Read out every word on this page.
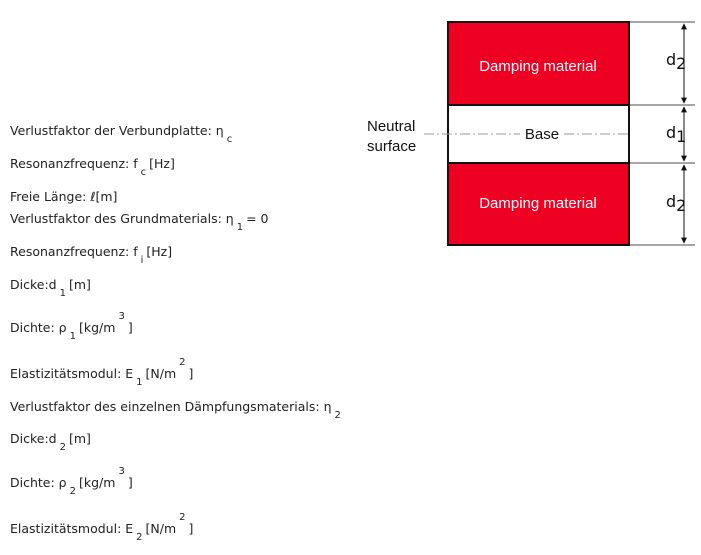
Verlustfaktor der Verbundplatte: $\eta_c$
Resonanzfrequenz: $f_c[Hz]$
Freie Länge: ℓ[m]
Verlustfaktor des Grundmaterials: $\eta_1= 0$
Resonanzfrequenz: $f_i[Hz]$
$Dicke:d_1[m]$
Dichte: $\rho_1[kg/m^3]$
Elastizitätsmodul: $E_1[N/m^2]$
Verlustfaktor des einzelnen Dämpfungsmaterials: $\eta_2$
$Dicke:d_2[m]$
Dichte: $\rho_2[kg/m^3]$
Elastizitätsmodul: $E_2[N/m^2]$
Damping material
Base
Damping material
Neutral
surface
d2
d1
d2
